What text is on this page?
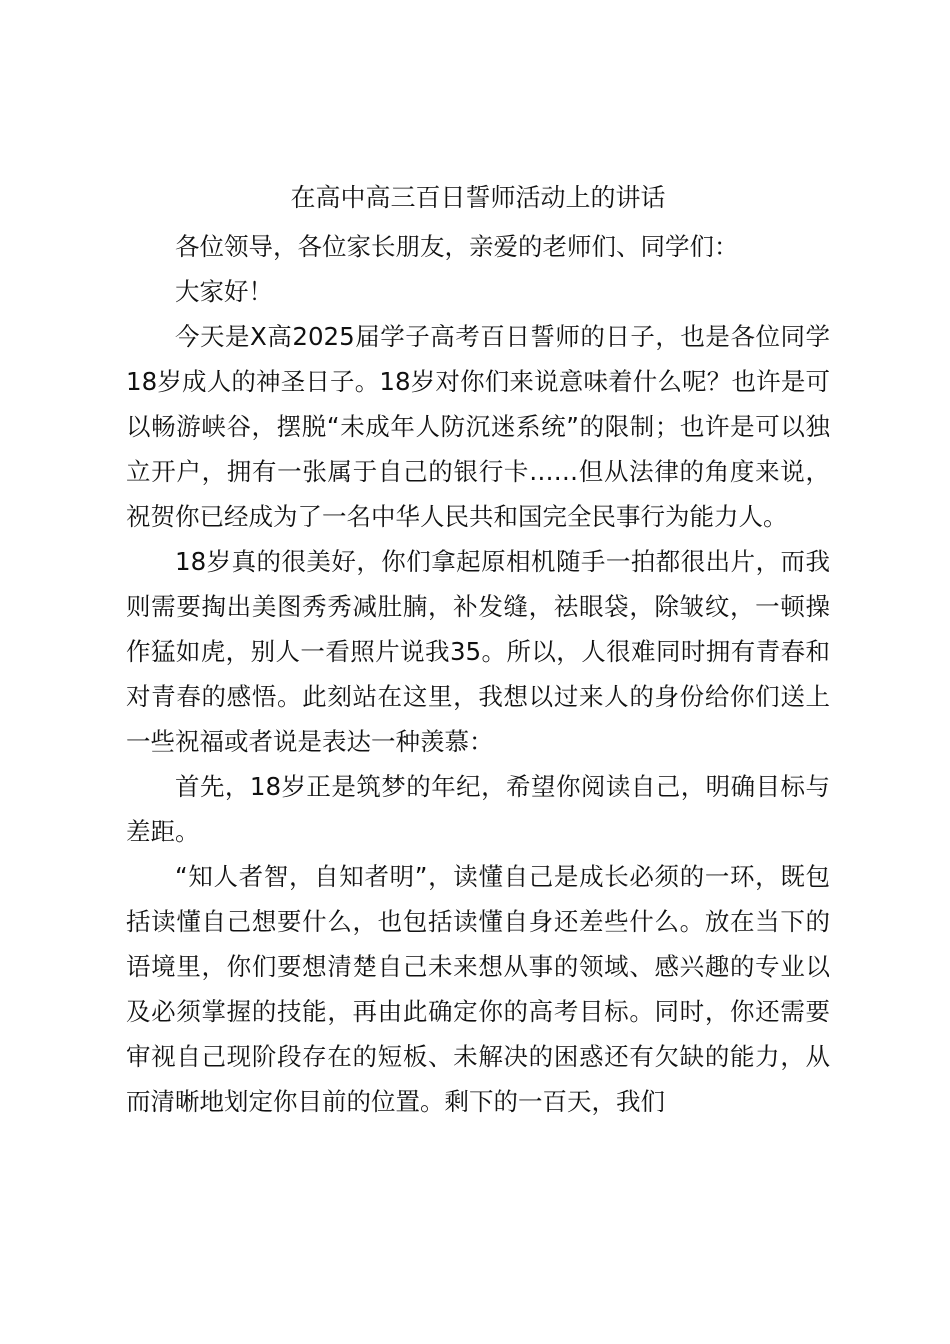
在高中高三百日誓师活动上的讲话

各位领导，各位家长朋友，亲爱的老师们、同学们：

大家好！

今天是X高2025届学子高考百日誓师的日子，也是各位同学18岁成人的神圣日子。18岁对你们来说意味着什么呢？也许是可以畅游峡谷，摆脱“未成年人防沉迷系统”的限制；也许是可以独立开户，拥有一张属于自己的银行卡……但从法律的角度来说，祝贺你已经成为了一名中华人民共和国完全民事行为能力人。

18岁真的很美好，你们拿起原相机随手一拍都很出片，而我则需要掏出美图秀秀减肚腩，补发缝，祛眼袋，除皱纹，一顿操作猛如虎，别人一看照片说我35。所以，人很难同时拥有青春和对青春的感悟。此刻站在这里，我想以过来人的身份给你们送上一些祝福或者说是表达一种羡慕：

首先，18岁正是筑梦的年纪，希望你阅读自己，明确目标与差距。

“知人者智，自知者明”，读懂自己是成长必须的一环，既包括读懂自己想要什么，也包括读懂自身还差些什么。放在当下的语境里，你们要想清楚自己未来想从事的领域、感兴趣的专业以及必须掌握的技能，再由此确定你的高考目标。同时，你还需要审视自己现阶段存在的短板、未解决的困惑还有欠缺的能力，从而清晰地划定你目前的位置。剩下的一百天，我们
